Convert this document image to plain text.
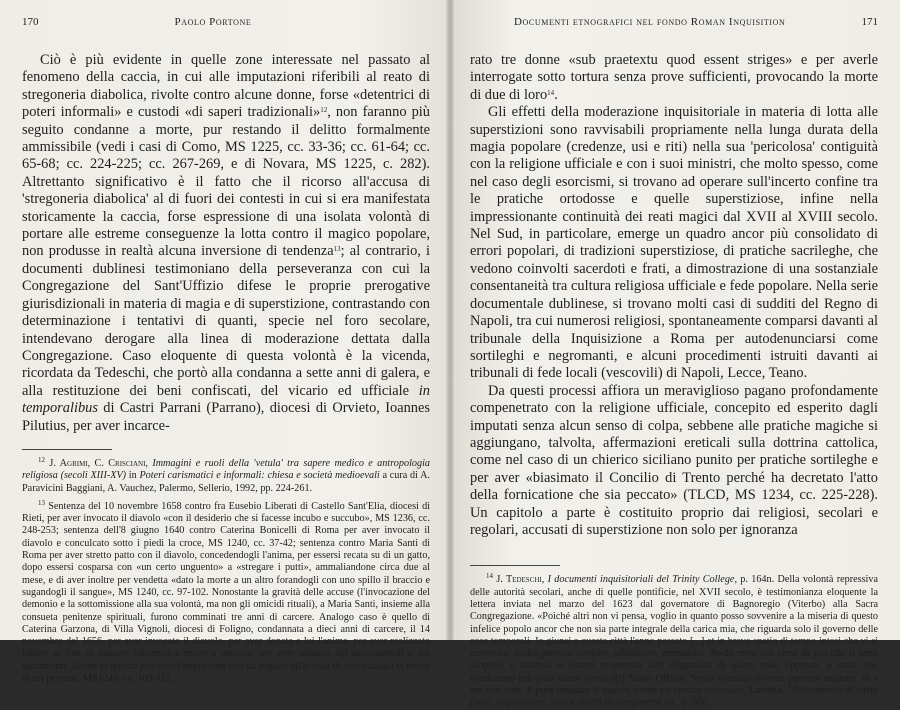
170	Paolo Portone

Ciò è più evidente in quelle zone interessate nel passato al fenomeno della caccia, in cui alle imputazioni riferibili al reato di stregoneria diabolica, rivolte contro alcune donne, forse «detentrici di poteri informali» e custodi «di saperi tradizionali»$^{12}$, non faranno più seguito condanne a morte, pur restando il delitto formalmente ammissibile (vedi i casi di Como, MS 1225, cc. 33-36; cc. 61-64; cc. 65-68; cc. 224-225; cc. 267-269, e di Novara, MS 1225, c. 282). Altrettanto significativo è il fatto che il ricorso all'accusa di 'stregoneria diabolica' al di fuori dei contesti in cui si era manifestata storicamente la caccia, forse espressione di una isolata volontà di portare alle estreme conseguenze la lotta contro il magico popolare, non produsse in realtà alcuna inversione di tendenza$^{13}$; al contrario, i documenti dublinesi testimoniano della perseveranza con cui la Congregazione del Sant'Uffizio difese le proprie prerogative giurisdizionali in materia di magia e di superstizione, contrastando con determinazione i tentativi di quanti, specie nel foro secolare, intendevano derogare alla linea di moderazione dettata dalla Congregazione. Caso eloquente di questa volontà è la vicenda, ricordata da Tedeschi, che portò alla condanna a sette anni di galera, e alla restituzione dei beni confiscati, del vicario ed ufficiale in temporalibus di Castri Parrani (Parrano), diocesi di Orvieto, Ioannes Pilutius, per aver incarce-

$^{12}$ J. Agrimi, C. Crisciani, Immagini e ruoli della 'vetula' tra sapere medico e antropologia religiosa (secoli XIII-XV) in Poteri carismatici e informali: chiesa e società medioevali a cura di A. Paravicini Baggiani, A. Vauchez, Palermo, Sellerio, 1992, pp. 224-261.

$^{13}$ Sentenza del 10 novembre 1658 contro fra Eusebio Liberati di Castello Sant'Elia, diocesi di Rieti, per aver invocato il diavolo «con il desiderio che si facesse incubo e succubo», MS 1236, cc. 248-253; sentenza dell'8 giugno 1640 contro Caterina Bonicelli di Roma per aver invocato il diavolo e conculcato sotto i piedi la croce, MS 1240, cc. 37-42; sentenza contro Maria Santi di Roma per aver stretto patto con il diavolo, concedendogli l'anima, per essersi recata su di un gatto, dopo essersi cosparsa con «un certo unguento» a «stregare i putti», ammaliandone circa due al mese, e di aver inoltre per vendetta «dato la morte a un altro forandogli con uno spillo il braccio e sugandogli il sangue», MS 1240, cc. 97-102. Nonostante la gravità delle accuse (l'invocazione del demonio e la sottomissione alla sua volontà, ma non gli omicidi rituali), a Maria Santi, insieme alla consueta penitenze spirituali, furono comminati tre anni di carcere. Analogo caso è quello di Caterina Garzona, di Villa Vignoli, diocesi di Foligno, condannata a dieci anni di carcere, il 14 novembre del 1656, per aver invocato il diavolo, per aver donata a lui l'anima, per aver realizzato fatture al fine di causare infermità e morte-a persone, per aver abusato dei sacramentali e dei sacramenti. Anche in questo processo l'inquisitore non dà seguito all'accusa di aver causato la morte di sei persone, MS1240, cc. 109-112.

Documenti etnografici nel fondo Roman Inquisition	171

rato tre donne «sub praetextu quod essent striges» e per averle interrogate sotto tortura senza prove sufficienti, provocando la morte di due di loro$^{14}$.

Gli effetti della moderazione inquisitoriale in materia di lotta alle superstizioni sono ravvisabili propriamente nella lunga durata della magia popolare (credenze, usi e riti) nella sua 'pericolosa' contiguità con la religione ufficiale e con i suoi ministri, che molto spesso, come nel caso degli esorcismi, si trovano ad operare sull'incerto confine tra le pratiche ortodosse e quelle superstiziose, infine nella impressionante continuità dei reati magici dal XVII al XVIII secolo. Nel Sud, in particolare, emerge un quadro ancor più consolidato di errori popolari, di tradizioni superstiziose, di pratiche sacrileghe, che vedono coinvolti sacerdoti e frati, a dimostrazione di una sostanziale consentaneità tra cultura religiosa ufficiale e fede popolare. Nella serie documentale dublinese, si trovano molti casi di sudditi del Regno di Napoli, tra cui numerosi religiosi, spontaneamente comparsi davanti al tribunale della Inquisizione a Roma per autodenunciarsi come sortileghi e negromanti, e alcuni procedimenti istruiti davanti ai tribunali di fede locali (vescovili) di Napoli, Lecce, Teano.

Da questi processi affiora un meraviglioso pagano profondamente compenetrato con la religione ufficiale, concepito ed esperito dagli imputati senza alcun senso di colpa, sebbene alle pratiche magiche si aggiungano, talvolta, affermazioni ereticali sulla dottrina cattolica, come nel caso di un chierico siciliano punito per pratiche sortileghe e per aver «biasimato il Concilio di Trento perché ha decretato l'atto della fornicatione che sia peccato» (TLCD, MS 1234, cc. 225-228). Un capitolo a parte è costituito proprio dai religiosi, secolari e regolari, accusati di superstizione non solo per ignoranza

$^{14}$ J. Tedeschi, I documenti inquisitoriali del Trinity College, p. 164n. Della volontà repressiva delle autorità secolari, anche di quelle pontificie, nel XVII secolo, è testimonianza eloquente la lettera inviata nel marzo del 1623 dal governatore di Bagnoregio (Viterbo) alla Sacra Congregazione. «Poiché altri non vi pensa, voglio in quanto posso sovvenire a la miseria di questo infelice popolo ancor che non sia parte integrale della carica mia, che riguarda solo il governo delle cose temporali. Io giunsi a questa città l'anno passato [...] et in breve spatio di tempo intesi che vi si trovavano molte persone streg̃ate, affatturate, ammaliate. Pochi mesi son corsi da poi che si sono scoperti, e tuttavia si vanno scoprendo altri disgraziati di questi mali oppressi, e tanti, che n'inducono per pietà darne conto a[l] Santo Officio. Sento nominar diverse persone sospette, et a me non note. E pure nessuno si muove, come s'a veruno toccasse», Lavenia, "Anticamente di misto foro". Inquisizione, stati e delitti di stregoneria cit., p. 56n.
